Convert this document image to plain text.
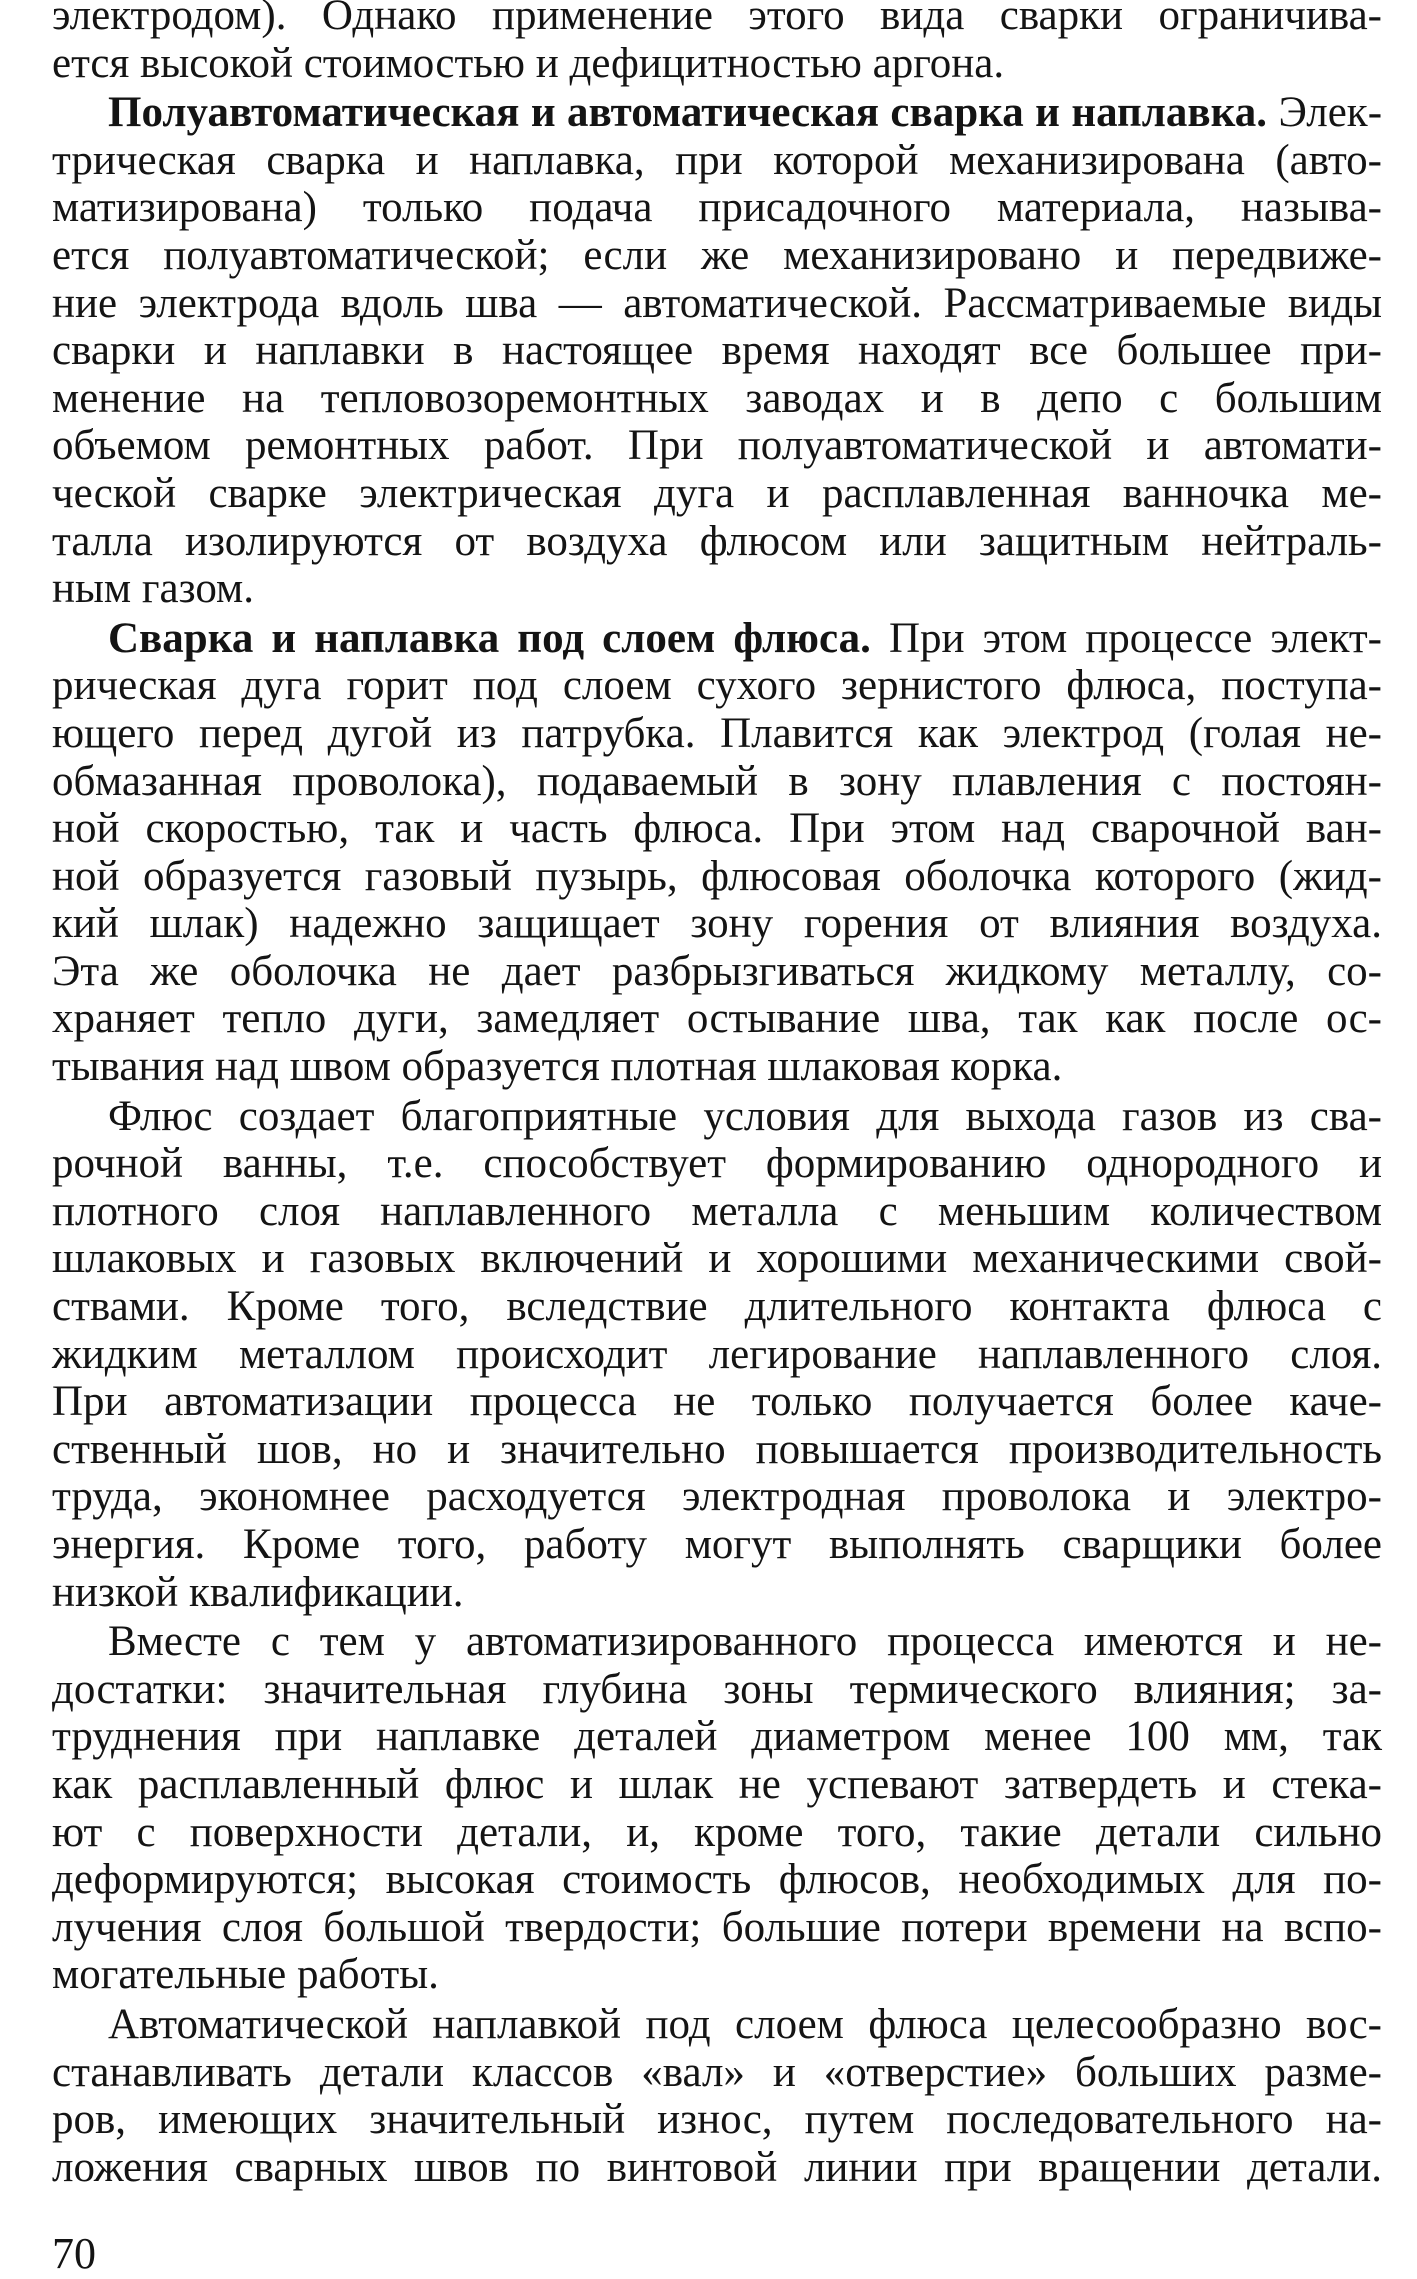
электродом). Однако применение этого вида сварки ограничива-
ется высокой стоимостью и дефицитностью аргона.
Полуавтоматическая и автоматическая сварка и наплавка. Элек-
трическая сварка и наплавка, при которой механизирована (авто-
матизирована) только подача присадочного материала, называ-
ется полуавтоматической; если же механизировано и передвиже-
ние электрода вдоль шва — автоматической. Рассматриваемые виды
сварки и наплавки в настоящее время находят все большее при-
менение на тепловозоремонтных заводах и в депо с большим
объемом ремонтных работ. При полуавтоматической и автомати-
ческой сварке электрическая дуга и расплавленная ванночка ме-
талла изолируются от воздуха флюсом или защитным нейтраль-
ным газом.
Сварка и наплавка под слоем флюса. При этом процессе элект-
рическая дуга горит под слоем сухого зернистого флюса, поступа-
ющего перед дугой из патрубка. Плавится как электрод (голая не-
обмазанная проволока), подаваемый в зону плавления с постоян-
ной скоростью, так и часть флюса. При этом над сварочной ван-
ной образуется газовый пузырь, флюсовая оболочка которого (жид-
кий шлак) надежно защищает зону горения от влияния воздуха.
Эта же оболочка не дает разбрызгиваться жидкому металлу, со-
храняет тепло дуги, замедляет остывание шва, так как после ос-
тывания над швом образуется плотная шлаковая корка.
Флюс создает благоприятные условия для выхода газов из сва-
рочной ванны, т.е. способствует формированию однородного и
плотного слоя наплавленного металла с меньшим количеством
шлаковых и газовых включений и хорошими механическими свой-
ствами. Кроме того, вследствие длительного контакта флюса с
жидким металлом происходит легирование наплавленного слоя.
При автоматизации процесса не только получается более каче-
ственный шов, но и значительно повышается производительность
труда, экономнее расходуется электродная проволока и электро-
энергия. Кроме того, работу могут выполнять сварщики более
низкой квалификации.
Вместе с тем у автоматизированного процесса имеются и не-
достатки: значительная глубина зоны термического влияния; за-
труднения при наплавке деталей диаметром менее 100 мм, так
как расплавленный флюс и шлак не успевают затвердеть и стека-
ют с поверхности детали, и, кроме того, такие детали сильно
деформируются; высокая стоимость флюсов, необходимых для по-
лучения слоя большой твердости; большие потери времени на вспо-
могательные работы.
Автоматической наплавкой под слоем флюса целесообразно вос-
станавливать детали классов «вал» и «отверстие» больших разме-
ров, имеющих значительный износ, путем последовательного на-
ложения сварных швов по винтовой линии при вращении детали.
70
